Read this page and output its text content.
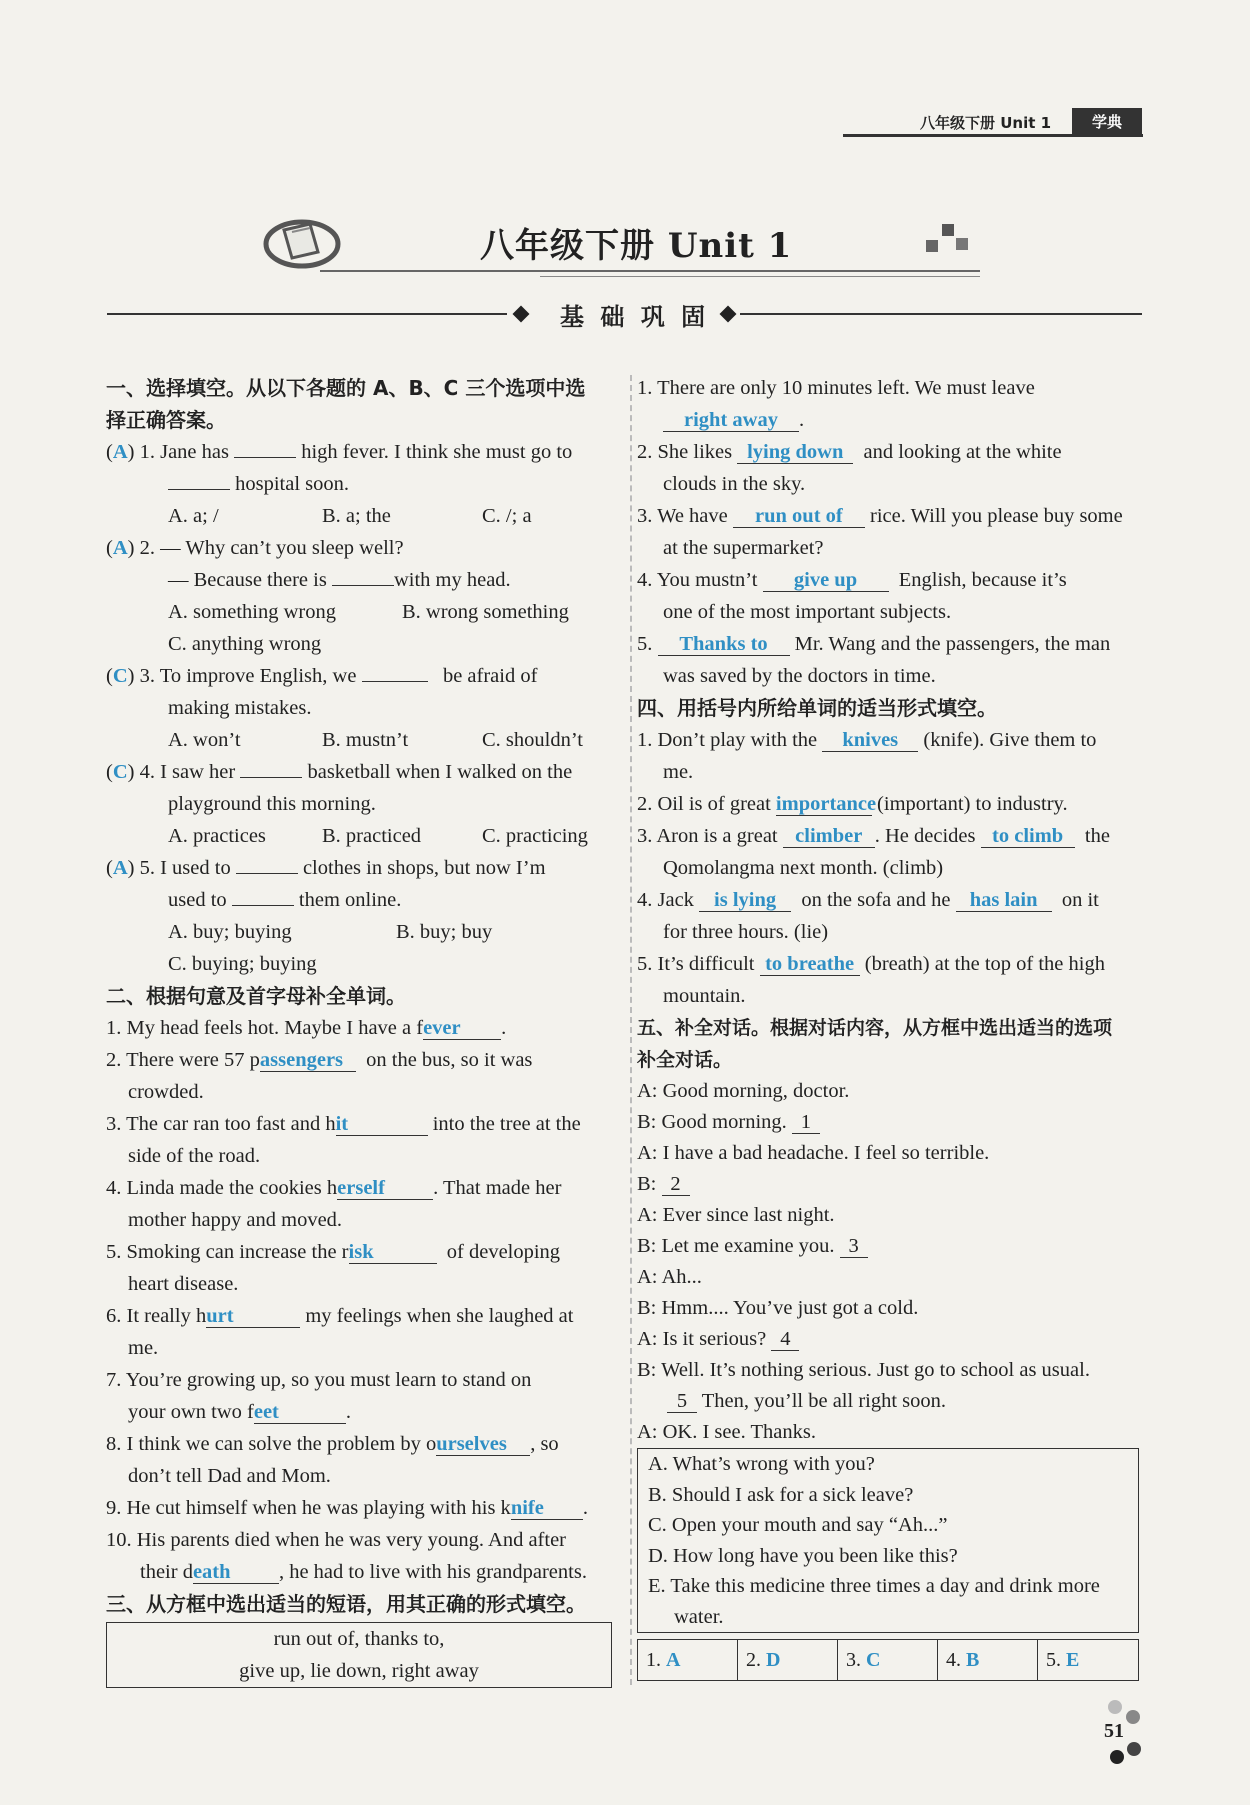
八年级下册 Unit 1	学典
八年级下册 Unit 1
基 础 巩 固
一、选择填空。从以下各题的 A、B、C 三个选项中选
择正确答案。
(A) 1. Jane has	high fever. I think she must go to
hospital soon.
A. a; /	B. a; the	C. /; a
(A) 2. — Why can’t you sleep well?
— Because there is	with my head.
A. something wrong	B. wrong something
C. anything wrong
(C) 3. To improve English, we	be afraid of
making mistakes.
A. won’t	B. mustn’t	C. shouldn’t
(C) 4. I saw her	basketball when I walked on the
playground this morning.
A. practices	B. practiced	C. practicing
(A) 5. I used to	clothes in shops, but now I’m
used to	them online.
A. buy; buying	B. buy; buy
C. buying; buying
二、根据句意及首字母补全单词。
1. My head feels hot. Maybe I have a fever .
2. There were 57 passengers on the bus, so it was
crowded.
3. The car ran too fast and hit	into the tree at the
side of the road.
4. Linda made the cookies herself . That made her
mother happy and moved.
5. Smoking can increase the risk	of developing
heart disease.
6. It really hurt	my feelings when she laughed at
me.
7. You’re growing up, so you must learn to stand on
your own two feet	.
8. I think we can solve the problem by ourselves , so
don’t tell Dad and Mom.
9. He cut himself when he was playing with his knife .
10. His parents died when he was very young. And after
their death , he had to live with his grandparents.
三、从方框中选出适当的短语，用其正确的形式填空。
run out of, thanks to,
give up, lie down, right away
1. There are only 10 minutes left. We must leave
right away .
2. She likes lying down and looking at the white
clouds in the sky.
3. We have run out of rice. Will you please buy some
at the supermarket?
4. You mustn’t give up English, because it’s
one of the most important subjects.
5. Thanks to Mr. Wang and the passengers, the man
was saved by the doctors in time.
四、用括号内所给单词的适当形式填空。
1. Don’t play with the knives (knife). Give them to
me.
2. Oil is of great importance (important) to industry.
3. Aron is a great climber . He decides to climb the
Qomolangma next month. (climb)
4. Jack is lying on the sofa and he has lain on it
for three hours. (lie)
5. It’s difficult to breathe (breath) at the top of the high
mountain.
五、补全对话。根据对话内容，从方框中选出适当的选项
补全对话。
A: Good morning, doctor.
B: Good morning. 1
A: I have a bad headache. I feel so terrible.
B: 2
A: Ever since last night.
B: Let me examine you. 3
A: Ah...
B: Hmm.... You’ve just got a cold.
A: Is it serious? 4
B: Well. It’s nothing serious. Just go to school as usual.
5 Then, you’ll be all right soon.
A: OK. I see. Thanks.
A. What’s wrong with you?
B. Should I ask for a sick leave?
C. Open your mouth and say “Ah...”
D. How long have you been like this?
E. Take this medicine three times a day and drink more
water.
1. A	2. D	3. C	4. B	5. E
51
